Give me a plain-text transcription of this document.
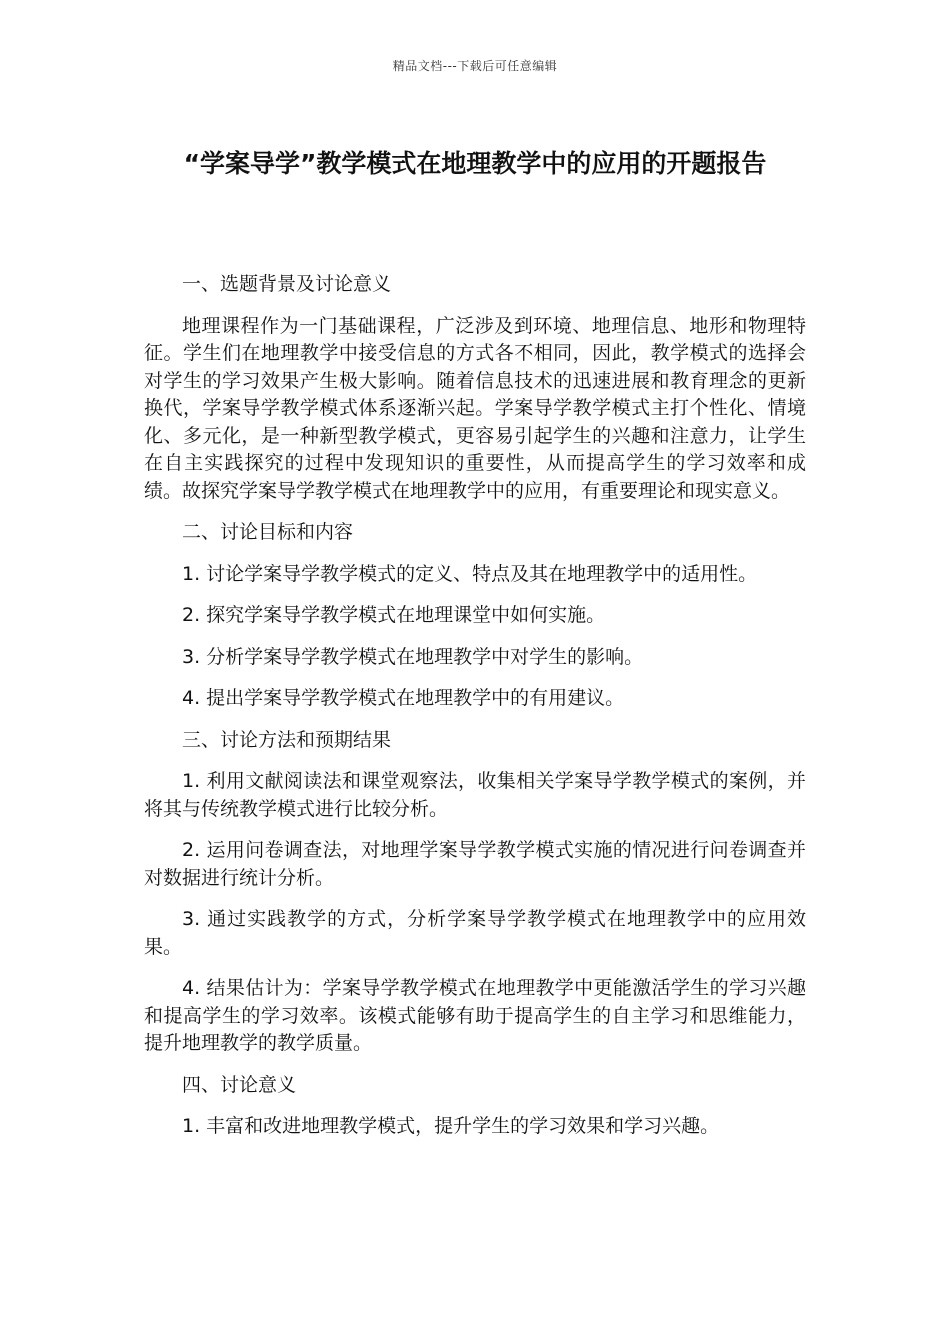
精品文档---下载后可任意编辑
“学案导学”教学模式在地理教学中的应用的开题报告

一、选题背景及讨论意义

地理课程作为一门基础课程，广泛涉及到环境、地理信息、地形和物理特征。学生们在地理教学中接受信息的方式各不相同，因此，教学模式的选择会对学生的学习效果产生极大影响。随着信息技术的迅速进展和教育理念的更新换代，学案导学教学模式体系逐渐兴起。学案导学教学模式主打个性化、情境化、多元化，是一种新型教学模式，更容易引起学生的兴趣和注意力，让学生在自主实践探究的过程中发现知识的重要性，从而提高学生的学习效率和成绩。故探究学案导学教学模式在地理教学中的应用，有重要理论和现实意义。

二、讨论目标和内容

1. 讨论学案导学教学模式的定义、特点及其在地理教学中的适用性。

2. 探究学案导学教学模式在地理课堂中如何实施。

3. 分析学案导学教学模式在地理教学中对学生的影响。

4. 提出学案导学教学模式在地理教学中的有用建议。

三、讨论方法和预期结果

1. 利用文献阅读法和课堂观察法，收集相关学案导学教学模式的案例，并将其与传统教学模式进行比较分析。

2. 运用问卷调查法，对地理学案导学教学模式实施的情况进行问卷调查并对数据进行统计分析。

3. 通过实践教学的方式，分析学案导学教学模式在地理教学中的应用效果。

4. 结果估计为：学案导学教学模式在地理教学中更能激活学生的学习兴趣和提高学生的学习效率。该模式能够有助于提高学生的自主学习和思维能力，提升地理教学的教学质量。

四、讨论意义

1. 丰富和改进地理教学模式，提升学生的学习效果和学习兴趣。
